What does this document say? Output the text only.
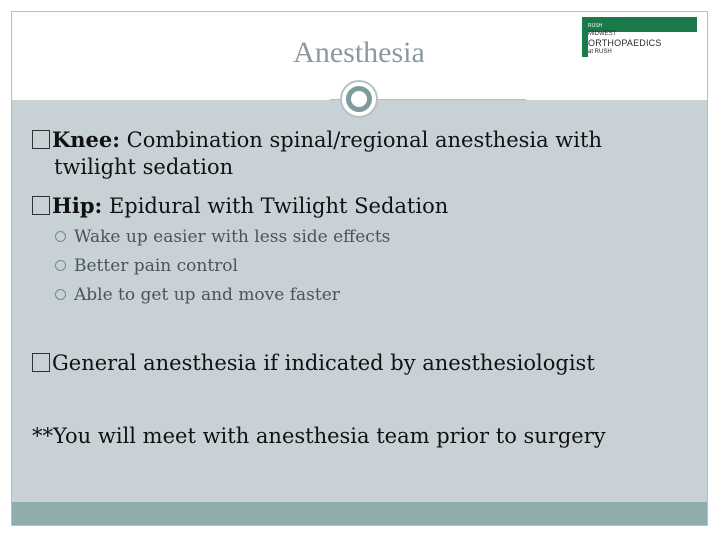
Anesthesia
RUSH
MIDWEST
ORTHOPAEDICS
at RUSH

Knee: Combination spinal/regional anesthesia with
twilight sedation

Hip: Epidural with Twilight Sedation

Wake up easier with less side effects
Better pain control
Able to get up and move faster

General anesthesia if indicated by anesthesiologist

**You will meet with anesthesia team prior to surgery
